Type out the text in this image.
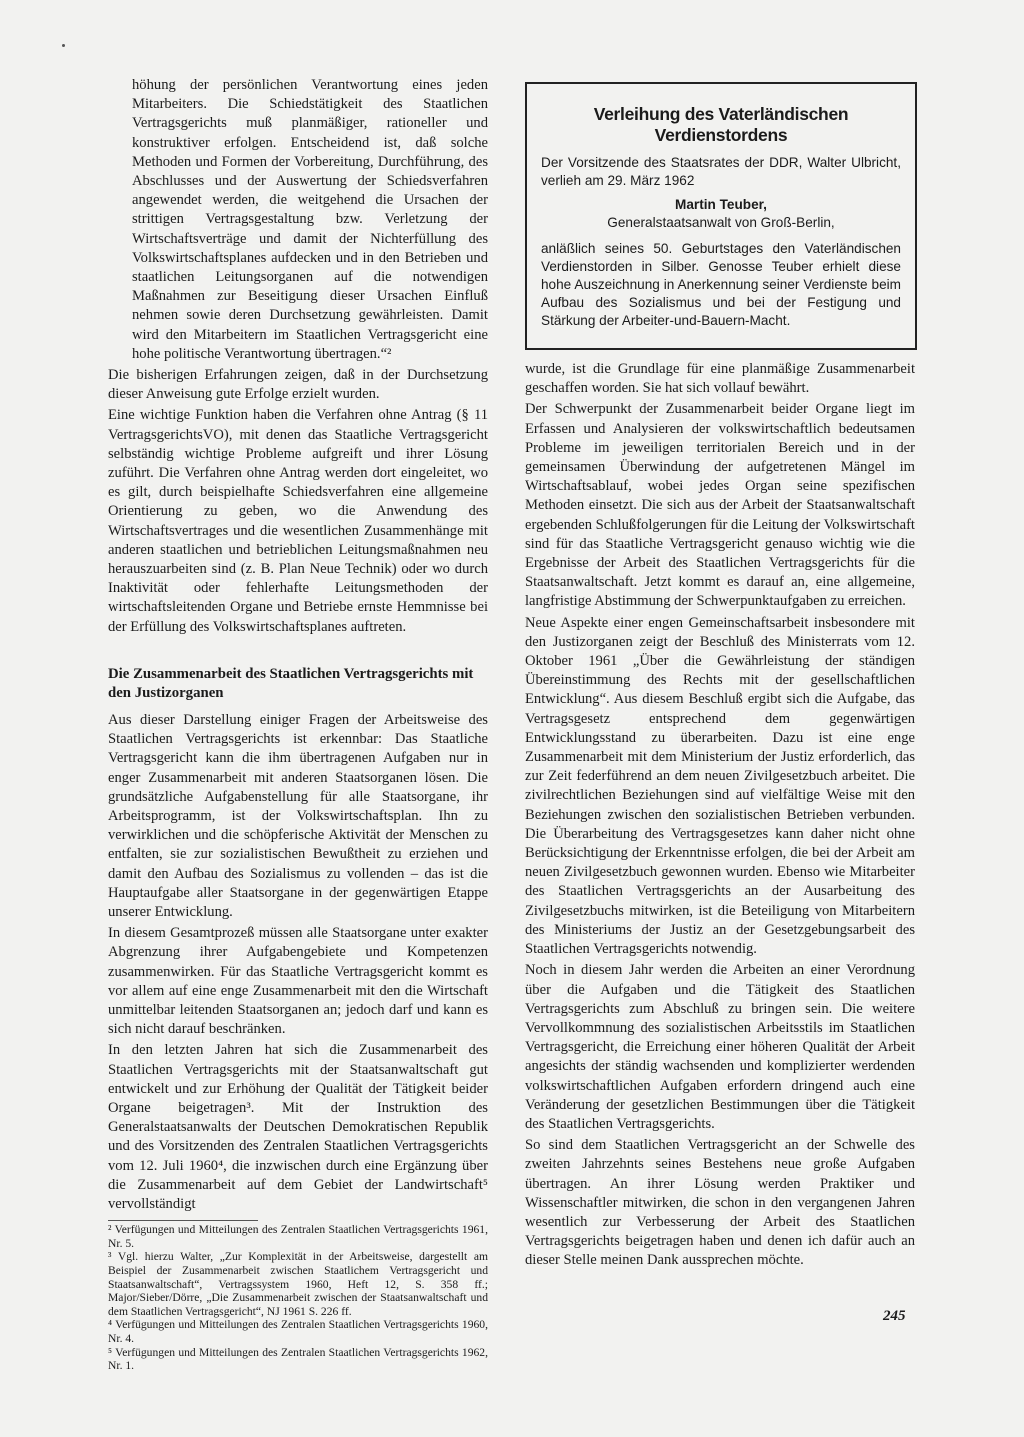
höhung der persönlichen Verantwortung eines jeden Mitarbeiters. Die Schiedstätigkeit des Staatlichen Vertragsgerichts muß planmäßiger, rationeller und konstruktiver erfolgen. Entscheidend ist, daß solche Methoden und Formen der Vorbereitung, Durchführung, des Abschlusses und der Auswertung der Schiedsverfahren angewendet werden, die weitgehend die Ursachen der strittigen Vertragsgestaltung bzw. Verletzung der Wirtschaftsverträge und damit der Nichterfüllung des Volkswirtschaftsplanes aufdecken und in den Betrieben und staatlichen Leitungsorganen auf die notwendigen Maßnahmen zur Beseitigung dieser Ursachen Einfluß nehmen sowie deren Durchsetzung gewährleisten. Damit wird den Mitarbeitern im Staatlichen Vertragsgericht eine hohe politische Verantwortung übertragen.“²

Die bisherigen Erfahrungen zeigen, daß in der Durchsetzung dieser Anweisung gute Erfolge erzielt wurden.

Eine wichtige Funktion haben die Verfahren ohne Antrag (§ 11 VertragsgerichtsVO), mit denen das Staatliche Vertragsgericht selbständig wichtige Probleme aufgreift und ihrer Lösung zuführt. Die Verfahren ohne Antrag werden dort eingeleitet, wo es gilt, durch beispielhafte Schiedsverfahren eine allgemeine Orientierung zu geben, wo die Anwendung des Wirtschaftsvertrages und die wesentlichen Zusammenhänge mit anderen staatlichen und betrieblichen Leitungsmaßnahmen neu herauszuarbeiten sind (z. B. Plan Neue Technik) oder wo durch Inaktivität oder fehlerhafte Leitungsmethoden der wirtschaftsleitenden Organe und Betriebe ernste Hemmnisse bei der Erfüllung des Volkswirtschaftsplanes auftreten.

Die Zusammenarbeit des Staatlichen Vertragsgerichts mit den Justizorganen

Aus dieser Darstellung einiger Fragen der Arbeitsweise des Staatlichen Vertragsgerichts ist erkennbar: Das Staatliche Vertragsgericht kann die ihm übertragenen Aufgaben nur in enger Zusammenarbeit mit anderen Staatsorganen lösen. Die grundsätzliche Aufgabenstellung für alle Staatsorgane, ihr Arbeitsprogramm, ist der Volkswirtschaftsplan. Ihn zu verwirklichen und die schöpferische Aktivität der Menschen zu entfalten, sie zur sozialistischen Bewußtheit zu erziehen und damit den Aufbau des Sozialismus zu vollenden – das ist die Hauptaufgabe aller Staatsorgane in der gegenwärtigen Etappe unserer Entwicklung.

In diesem Gesamtprozeß müssen alle Staatsorgane unter exakter Abgrenzung ihrer Aufgabengebiete und Kompetenzen zusammenwirken. Für das Staatliche Vertragsgericht kommt es vor allem auf eine enge Zusammenarbeit mit den die Wirtschaft unmittelbar leitenden Staatsorganen an; jedoch darf und kann es sich nicht darauf beschränken.

In den letzten Jahren hat sich die Zusammenarbeit des Staatlichen Vertragsgerichts mit der Staatsanwaltschaft gut entwickelt und zur Erhöhung der Qualität der Tätigkeit beider Organe beigetragen³. Mit der Instruktion des Generalstaatsanwalts der Deutschen Demokratischen Republik und des Vorsitzenden des Zentralen Staatlichen Vertragsgerichts vom 12. Juli 1960⁴, die inzwischen durch eine Ergänzung über die Zusammenarbeit auf dem Gebiet der Landwirtschaft⁵ vervollständigt

² Verfügungen und Mitteilungen des Zentralen Staatlichen Vertragsgerichts 1961, Nr. 5.

³ Vgl. hierzu Walter, „Zur Komplexität in der Arbeitsweise, dargestellt am Beispiel der Zusammenarbeit zwischen Staatlichem Vertragsgericht und Staatsanwaltschaft“, Vertragssystem 1960, Heft 12, S. 358 ff.; Major/Sieber/Dörre, „Die Zusammenarbeit zwischen der Staatsanwaltschaft und dem Staatlichen Vertragsgericht“, NJ 1961 S. 226 ff.

⁴ Verfügungen und Mitteilungen des Zentralen Staatlichen Vertragsgerichts 1960, Nr. 4.

⁵ Verfügungen und Mitteilungen des Zentralen Staatlichen Vertragsgerichts 1962, Nr. 1.

Verleihung des Vaterländischen Verdienstordens

Der Vorsitzende des Staatsrates der DDR, Walter Ulbricht, verlieh am 29. März 1962

Martin Teuber,
Generalstaatsanwalt von Groß-Berlin,

anläßlich seines 50. Geburtstages den Vaterländischen Verdienstorden in Silber. Genosse Teuber erhielt diese hohe Auszeichnung in Anerkennung seiner Verdienste beim Aufbau des Sozialismus und bei der Festigung und Stärkung der Arbeiter-und-Bauern-Macht.

wurde, ist die Grundlage für eine planmäßige Zusammenarbeit geschaffen worden. Sie hat sich vollauf bewährt.

Der Schwerpunkt der Zusammenarbeit beider Organe liegt im Erfassen und Analysieren der volkswirtschaftlich bedeutsamen Probleme im jeweiligen territorialen Bereich und in der gemeinsamen Überwindung der aufgetretenen Mängel im Wirtschaftsablauf, wobei jedes Organ seine spezifischen Methoden einsetzt. Die sich aus der Arbeit der Staatsanwaltschaft ergebenden Schlußfolgerungen für die Leitung der Volkswirtschaft sind für das Staatliche Vertragsgericht genauso wichtig wie die Ergebnisse der Arbeit des Staatlichen Vertragsgerichts für die Staatsanwaltschaft. Jetzt kommt es darauf an, eine allgemeine, langfristige Abstimmung der Schwerpunktaufgaben zu erreichen.

Neue Aspekte einer engen Gemeinschaftsarbeit insbesondere mit den Justizorganen zeigt der Beschluß des Ministerrats vom 12. Oktober 1961 „Über die Gewährleistung der ständigen Übereinstimmung des Rechts mit der gesellschaftlichen Entwicklung“. Aus diesem Beschluß ergibt sich die Aufgabe, das Vertragsgesetz entsprechend dem gegenwärtigen Entwicklungsstand zu überarbeiten. Dazu ist eine enge Zusammenarbeit mit dem Ministerium der Justiz erforderlich, das zur Zeit federführend an dem neuen Zivilgesetzbuch arbeitet. Die zivilrechtlichen Beziehungen sind auf vielfältige Weise mit den Beziehungen zwischen den sozialistischen Betrieben verbunden. Die Überarbeitung des Vertragsgesetzes kann daher nicht ohne Berücksichtigung der Erkenntnisse erfolgen, die bei der Arbeit am neuen Zivilgesetzbuch gewonnen wurden. Ebenso wie Mitarbeiter des Staatlichen Vertragsgerichts an der Ausarbeitung des Zivilgesetzbuchs mitwirken, ist die Beteiligung von Mitarbeitern des Ministeriums der Justiz an der Gesetzgebungsarbeit des Staatlichen Vertragsgerichts notwendig.

Noch in diesem Jahr werden die Arbeiten an einer Verordnung über die Aufgaben und die Tätigkeit des Staatlichen Vertragsgerichts zum Abschluß zu bringen sein. Die weitere Vervollkommnung des sozialistischen Arbeitsstils im Staatlichen Vertragsgericht, die Erreichung einer höheren Qualität der Arbeit angesichts der ständig wachsenden und komplizierter werdenden volkswirtschaftlichen Aufgaben erfordern dringend auch eine Veränderung der gesetzlichen Bestimmungen über die Tätigkeit des Staatlichen Vertragsgerichts.

So sind dem Staatlichen Vertragsgericht an der Schwelle des zweiten Jahrzehnts seines Bestehens neue große Aufgaben übertragen. An ihrer Lösung werden Praktiker und Wissenschaftler mitwirken, die schon in den vergangenen Jahren wesentlich zur Verbesserung der Arbeit des Staatlichen Vertragsgerichts beigetragen haben und denen ich dafür auch an dieser Stelle meinen Dank aussprechen möchte.

245
